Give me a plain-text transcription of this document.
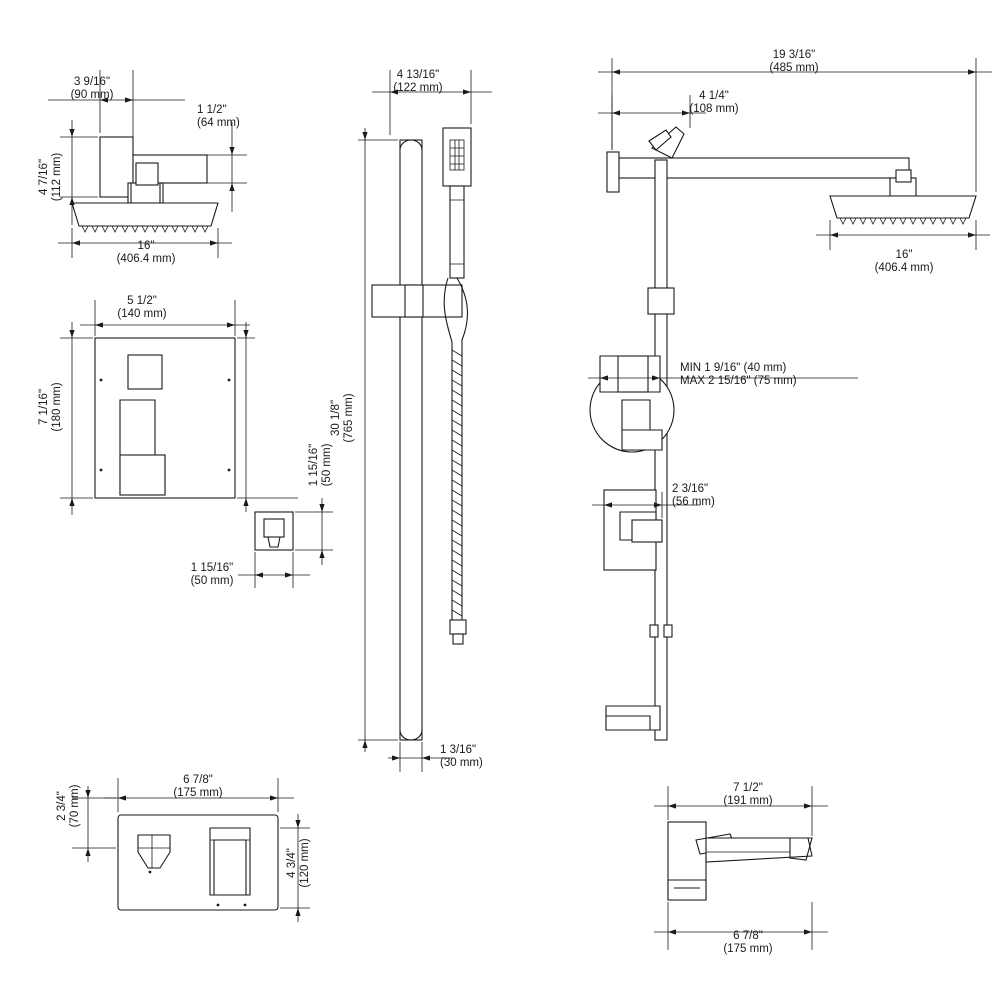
3 9/16"
(90 mm)
1 1/2"
(64 mm)
4 7/16"
(112 mm)
16"
(406.4 mm)
5 1/2"
(140 mm)
7 1/16"
(180 mm)
1 15/16"
(50 mm)
1 15/16"
(50 mm)
4 13/16"
(122 mm)
30 1/8"
(765 mm)
1 3/16"
(30 mm)
19 3/16"
(485 mm)
4 1/4"
(108 mm)
16"
(406.4 mm)
MIN 1 9/16" (40 mm)
MAX 2 15/16" (75 mm)
2 3/16"
(56 mm)
6 7/8"
(175 mm)
2 3/4"
(70 mm)
4 3/4"
(120 mm)
7 1/2"
(191 mm)
6 7/8"
(175 mm)
